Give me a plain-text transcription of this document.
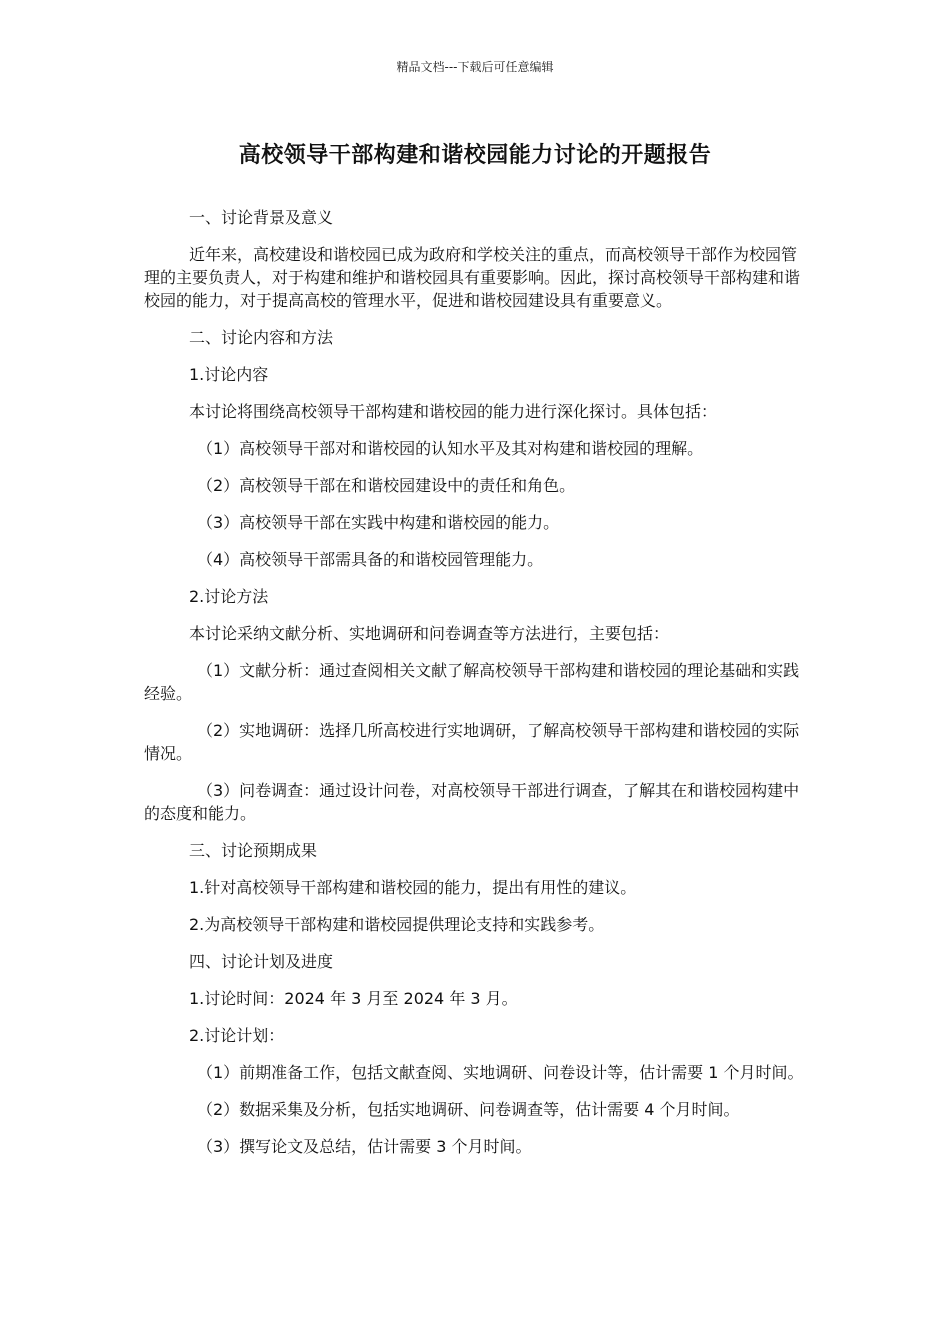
精品文档---下载后可任意编辑
高校领导干部构建和谐校园能力讨论的开题报告

一、讨论背景及意义

近年来，高校建设和谐校园已成为政府和学校关注的重点，而高校领导干部作为校园管理的主要负责人，对于构建和维护和谐校园具有重要影响。因此，探讨高校领导干部构建和谐校园的能力，对于提高高校的管理水平，促进和谐校园建设具有重要意义。

二、讨论内容和方法

1.讨论内容

本讨论将围绕高校领导干部构建和谐校园的能力进行深化探讨。具体包括：

（1）高校领导干部对和谐校园的认知水平及其对构建和谐校园的理解。

（2）高校领导干部在和谐校园建设中的责任和角色。

（3）高校领导干部在实践中构建和谐校园的能力。

（4）高校领导干部需具备的和谐校园管理能力。

2.讨论方法

本讨论采纳文献分析、实地调研和问卷调查等方法进行，主要包括：

（1）文献分析：通过查阅相关文献了解高校领导干部构建和谐校园的理论基础和实践经验。

（2）实地调研：选择几所高校进行实地调研，了解高校领导干部构建和谐校园的实际情况。

（3）问卷调查：通过设计问卷，对高校领导干部进行调查，了解其在和谐校园构建中的态度和能力。

三、讨论预期成果

1.针对高校领导干部构建和谐校园的能力，提出有用性的建议。

2.为高校领导干部构建和谐校园提供理论支持和实践参考。

四、讨论计划及进度

1.讨论时间：2024 年 3 月至 2024 年 3 月。

2.讨论计划：

（1）前期准备工作，包括文献查阅、实地调研、问卷设计等，估计需要 1 个月时间。

（2）数据采集及分析，包括实地调研、问卷调查等，估计需要 4 个月时间。

（3）撰写论文及总结，估计需要 3 个月时间。
